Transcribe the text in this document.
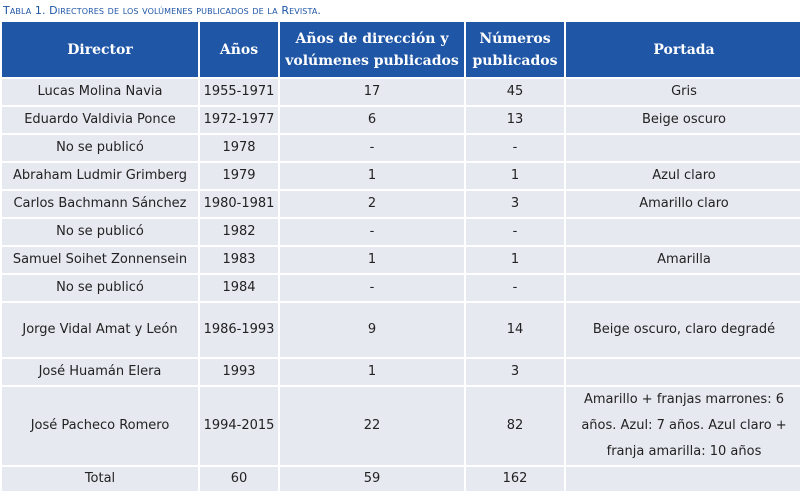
Tabla 1. Directores de los volúmenes publicados de la Revista.
Director	Años	Años de dirección y volúmenes publicados	Números publicados	Portada
Lucas Molina Navia	1955-1971	17	45	Gris
Eduardo Valdivia Ponce	1972-1977	6	13	Beige oscuro
No se publicó	1978	-	-	
Abraham Ludmir Grimberg	1979	1	1	Azul claro
Carlos Bachmann Sánchez	1980-1981	2	3	Amarillo claro
No se publicó	1982	-	-	
Samuel Soihet Zonnensein	1983	1	1	Amarilla
No se publicó	1984	-	-	
Jorge Vidal Amat y León	1986-1993	9	14	Beige oscuro, claro degradé
José Huamán Elera	1993	1	3	
José Pacheco Romero	1994-2015	22	82	Amarillo + franjas marrones: 6 años. Azul: 7 años. Azul claro + franja amarilla: 10 años
Total	60	59	162	
